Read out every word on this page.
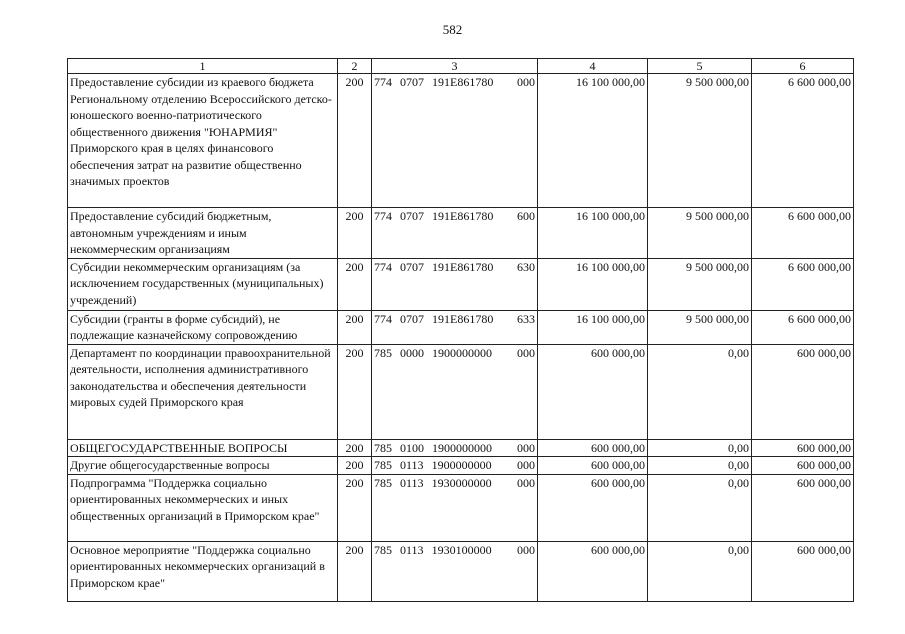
582
1	2	3	4	5	6
Предоставление субсидии из краевого бюджета Региональному отделению Всероссийского детско-юношеского военно-патриотического общественного движения "ЮНАРМИЯ" Приморского края в целях финансового обеспечения затрат на развитие общественно значимых проектов	200	774 0707 191E861780 000	16 100 000,00	9 500 000,00	6 600 000,00
Предоставление субсидий бюджетным, автономным учреждениям и иным некоммерческим организациям	200	774 0707 191E861780 600	16 100 000,00	9 500 000,00	6 600 000,00
Субсидии некоммерческим организациям (за исключением государственных (муниципальных) учреждений)	200	774 0707 191E861780 630	16 100 000,00	9 500 000,00	6 600 000,00
Субсидии (гранты в форме субсидий), не подлежащие казначейскому сопровождению	200	774 0707 191E861780 633	16 100 000,00	9 500 000,00	6 600 000,00
Департамент по координации правоохранительной деятельности, исполнения административного законодательства и обеспечения деятельности мировых судей Приморского края	200	785 0000 1900000000 000	600 000,00	0,00	600 000,00
ОБЩЕГОСУДАРСТВЕННЫЕ ВОПРОСЫ	200	785 0100 1900000000 000	600 000,00	0,00	600 000,00
Другие общегосударственные вопросы	200	785 0113 1900000000 000	600 000,00	0,00	600 000,00
Подпрограмма "Поддержка социально ориентированных некоммерческих и иных общественных организаций в Приморском крае"	200	785 0113 1930000000 000	600 000,00	0,00	600 000,00
Основное мероприятие "Поддержка социально ориентированных некоммерческих организаций в Приморском крае"	200	785 0113 1930100000 000	600 000,00	0,00	600 000,00
